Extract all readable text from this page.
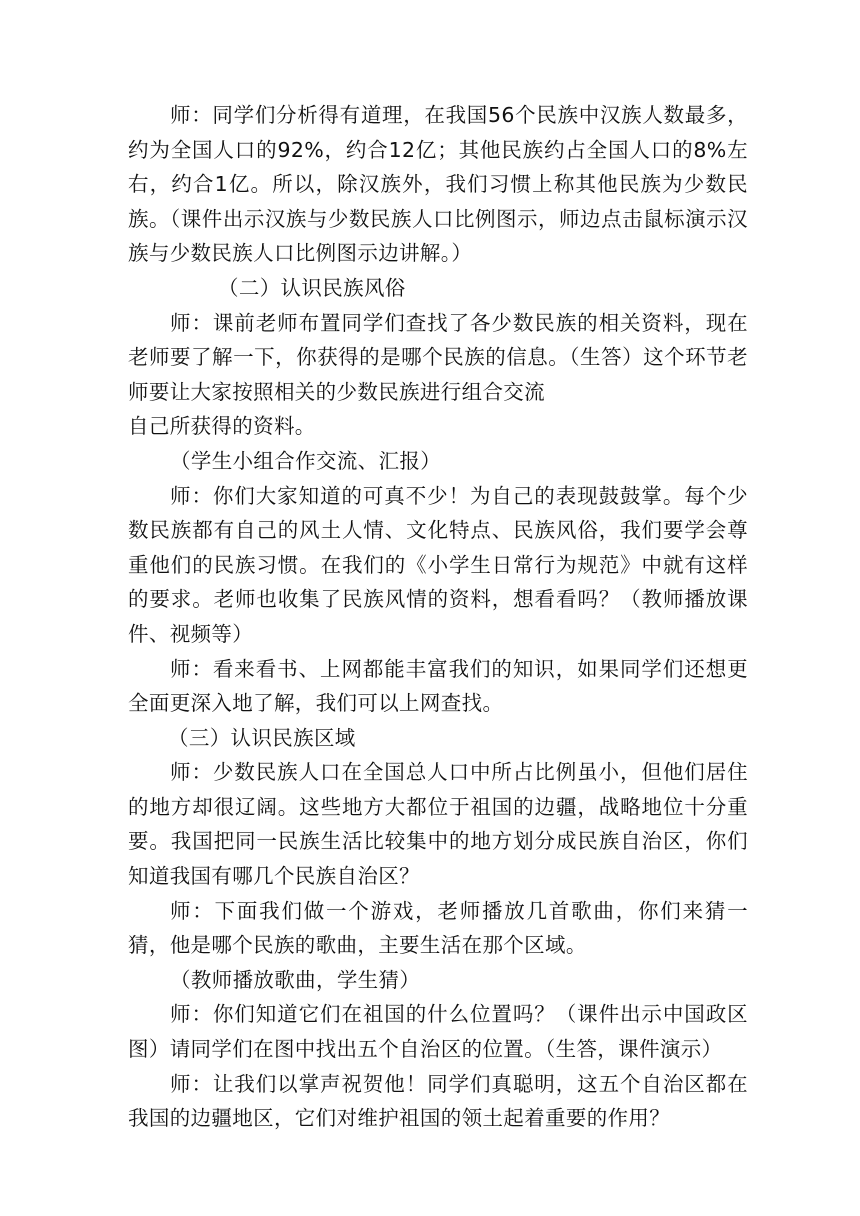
师：同学们分析得有道理，在我国56个民族中汉族人数最多，约为全国人口的92%，约合12亿；其他民族约占全国人口的8%左右，约合1亿。所以，除汉族外，我们习惯上称其他民族为少数民族。（课件出示汉族与少数民族人口比例图示，师边点击鼠标演示汉族与少数民族人口比例图示边讲解。）

（二）认识民族风俗

师：课前老师布置同学们查找了各少数民族的相关资料，现在老师要了解一下，你获得的是哪个民族的信息。（生答）这个环节老师要让大家按照相关的少数民族进行组合交流

自己所获得的资料。

（学生小组合作交流、汇报）

师：你们大家知道的可真不少！为自己的表现鼓鼓掌。每个少数民族都有自己的风土人情、文化特点、民族风俗，我们要学会尊重他们的民族习惯。在我们的《小学生日常行为规范》中就有这样的要求。老师也收集了民族风情的资料，想看看吗？（教师播放课件、视频等）

师：看来看书、上网都能丰富我们的知识，如果同学们还想更全面更深入地了解，我们可以上网查找。

（三）认识民族区域

师：少数民族人口在全国总人口中所占比例虽小，但他们居住的地方却很辽阔。这些地方大都位于祖国的边疆，战略地位十分重要。我国把同一民族生活比较集中的地方划分成民族自治区，你们知道我国有哪几个民族自治区？

师：下面我们做一个游戏，老师播放几首歌曲，你们来猜一猜，他是哪个民族的歌曲，主要生活在那个区域。

（教师播放歌曲，学生猜）

师：你们知道它们在祖国的什么位置吗？（课件出示中国政区图）请同学们在图中找出五个自治区的位置。（生答，课件演示）

师：让我们以掌声祝贺他！同学们真聪明，这五个自治区都在我国的边疆地区，它们对维护祖国的领土起着重要的作用？
